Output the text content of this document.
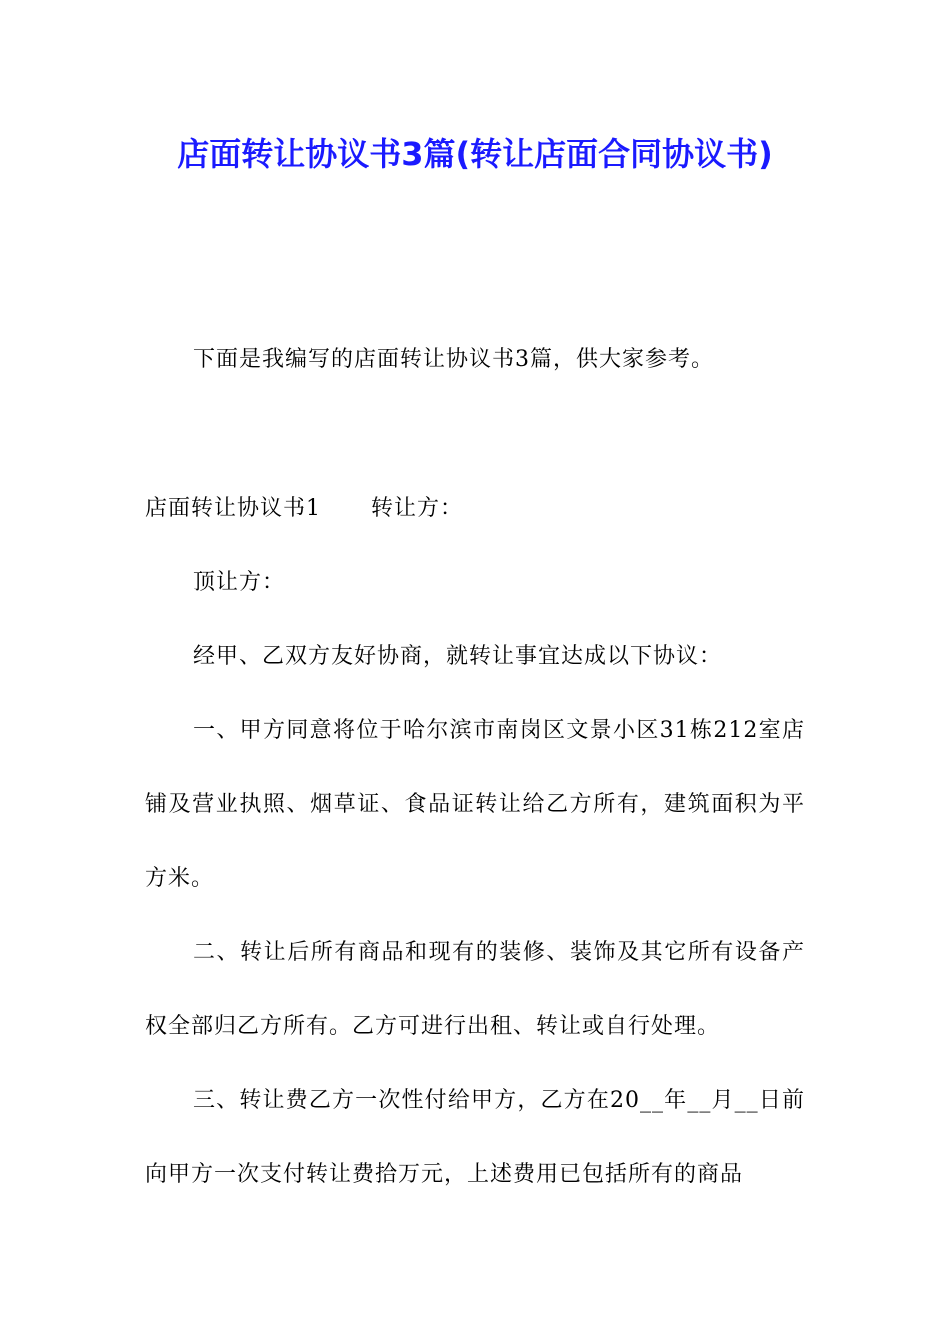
店面转让协议书3篇(转让店面合同协议书)

下面是我编写的店面转让协议书3篇，供大家参考。

店面转让协议书1 转让方：

顶让方：

经甲、乙双方友好协商，就转让事宜达成以下协议：

一、甲方同意将位于哈尔滨市南岗区文景小区31栋212室店铺及营业执照、烟草证、食品证转让给乙方所有，建筑面积为平方米。

二、转让后所有商品和现有的装修、装饰及其它所有设备产权全部归乙方所有。乙方可进行出租、转让或自行处理。

三、转让费乙方一次性付给甲方，乙方在20__年__月__日前向甲方一次支付转让费拾万元，上述费用已包括所有的商品
